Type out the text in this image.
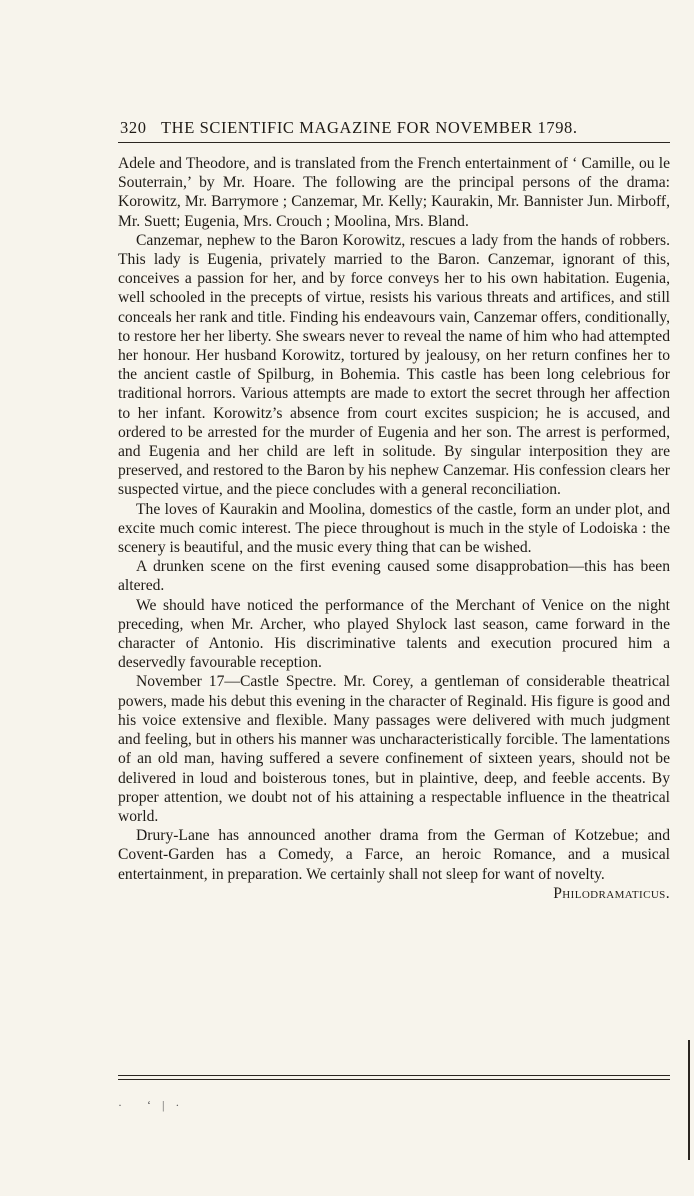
320 THE SCIENTIFIC MAGAZINE FOR NOVEMBER 1798.

Adele and Theodore, and is translated from the French entertainment of ‘ Camille, ou le Souterrain,’ by Mr. Hoare. The following are the principal persons of the drama: Korowitz, Mr. Barrymore ; Canzemar, Mr. Kelly; Kaurakin, Mr. Bannister Jun. Mirboff, Mr. Suett; Eugenia, Mrs. Crouch ; Moolina, Mrs. Bland.

Canzemar, nephew to the Baron Korowitz, rescues a lady from the hands of robbers. This lady is Eugenia, privately married to the Baron. Canzemar, ignorant of this, conceives a passion for her, and by force conveys her to his own habitation. Eugenia, well schooled in the precepts of virtue, resists his various threats and artifices, and still conceals her rank and title. Finding his endeavours vain, Canzemar offers, conditionally, to restore her her liberty. She swears never to reveal the name of him who had attempted her honour. Her husband Korowitz, tortured by jealousy, on her return confines her to the ancient castle of Spilburg, in Bohemia. This castle has been long celebrious for traditional horrors. Various attempts are made to extort the secret through her affection to her infant. Korowitz’s absence from court excites suspicion; he is accused, and ordered to be arrested for the murder of Eugenia and her son. The arrest is performed, and Eugenia and her child are left in solitude. By singular interposition they are preserved, and restored to the Baron by his nephew Canzemar. His confession clears her suspected virtue, and the piece concludes with a general reconciliation.

The loves of Kaurakin and Moolina, domestics of the castle, form an under plot, and excite much comic interest. The piece throughout is much in the style of Lodoiska : the scenery is beautiful, and the music every thing that can be wished.

A drunken scene on the first evening caused some disapprobation—this has been altered.

We should have noticed the performance of the Merchant of Venice on the night preceding, when Mr. Archer, who played Shylock last season, came forward in the character of Antonio. His discriminative talents and execution procured him a deservedly favourable reception.

November 17—Castle Spectre. Mr. Corey, a gentleman of considerable theatrical powers, made his debut this evening in the character of Reginald. His figure is good and his voice extensive and flexible. Many passages were delivered with much judgment and feeling, but in others his manner was uncharacteristically forcible. The lamentations of an old man, having suffered a severe confinement of sixteen years, should not be delivered in loud and boisterous tones, but in plaintive, deep, and feeble accents. By proper attention, we doubt not of his attaining a respectable influence in the theatrical world.

Drury-Lane has announced another drama from the German of Kotzebue; and Covent-Garden has a Comedy, a Farce, an heroic Romance, and a musical entertainment, in preparation. We certainly shall not sleep for want of novelty.
Philodramaticus.

·   ‘ | ·
